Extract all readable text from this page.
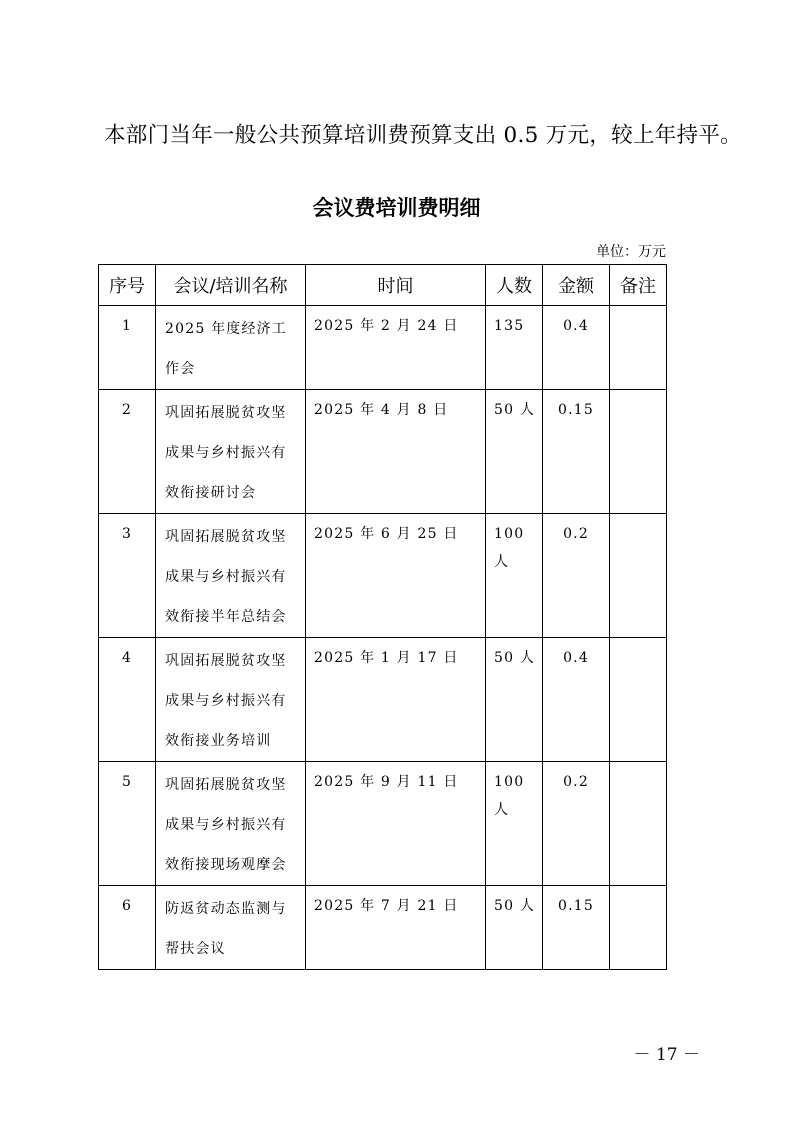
本部门当年一般公共预算培训费预算支出 0.5 万元，较上年持平。
会议费培训费明细
单位：万元
序号	会议/培训名称	时间	人数	金额	备注
1	2025 年度经济工作会	2025 年 2 月 24 日	135	0.4	
2	巩固拓展脱贫攻坚成果与乡村振兴有效衔接研讨会	2025 年 4 月 8 日	50 人	0.15	
3	巩固拓展脱贫攻坚成果与乡村振兴有效衔接半年总结会	2025 年 6 月 25 日	100 人	0.2	
4	巩固拓展脱贫攻坚成果与乡村振兴有效衔接业务培训	2025 年 1 月 17 日	50 人	0.4	
5	巩固拓展脱贫攻坚成果与乡村振兴有效衔接现场观摩会	2025 年 9 月 11 日	100 人	0.2	
6	防返贫动态监测与帮扶会议	2025 年 7 月 21 日	50 人	0.15	
－ 17 －
